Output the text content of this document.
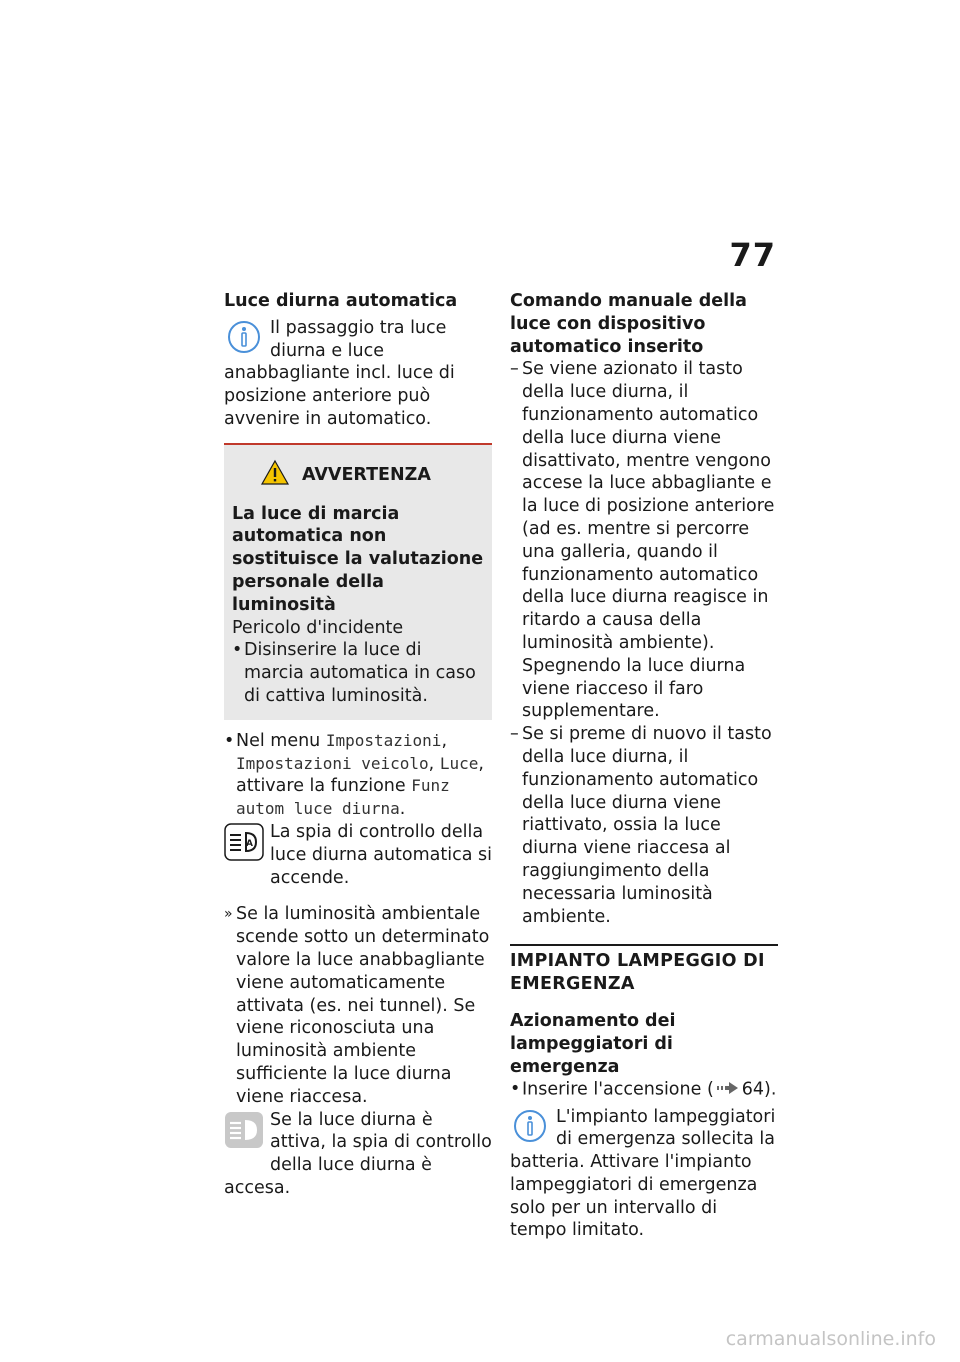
77
Luce diurna automatica
Il passaggio tra luce diurna e luce anabbagliante incl. luce di posizione anteriore può avvenire in automatico.
AVVERTENZA

La luce di marcia automatica non sostituisce la valutazione personale della luminosità

Pericolo d'incidente

• Disinserire la luce di marcia automatica in caso di cattiva luminosità.

• Nel menu Impostazioni, Impostazioni veicolo, Luce, attivare la funzione Funz autom luce diurna.
A
La spia di controllo della luce diurna automatica si accende.
» Se la luminosità ambientale scende sotto un determinato valore la luce anabbagliante viene automaticamente attivata (es. nei tunnel). Se viene riconosciuta una luminosità ambiente sufficiente la luce diurna viene riaccesa.
Se la luce diurna è attiva, la spia di controllo della luce diurna è accesa.
Comando manuale della luce con dispositivo automatico inserito
– Se viene azionato il tasto della luce diurna, il funzionamento automatico della luce diurna viene disattivato, mentre vengono accese la luce abbagliante e la luce di posizione anteriore (ad es. mentre si percorre una galleria, quando il funzionamento automatico della luce diurna reagisce in ritardo a causa della luminosità ambiente). Spegnendo la luce diurna viene riacceso il faro supplementare.
– Se si preme di nuovo il tasto della luce diurna, il funzionamento automatico della luce diurna viene riattivato, ossia la luce diurna viene riaccesa al raggiungimento della necessaria luminosità ambiente.
IMPIANTO LAMPEGGIO DI EMERGENZA
Azionamento dei lampeggiatori di emergenza
• Inserire l'accensione ( 64).
L'impianto lampeggiatori di emergenza sollecita la batteria. Attivare l'impianto lampeggiatori di emergenza solo per un intervallo di tempo limitato.
carmanualsonline.info
